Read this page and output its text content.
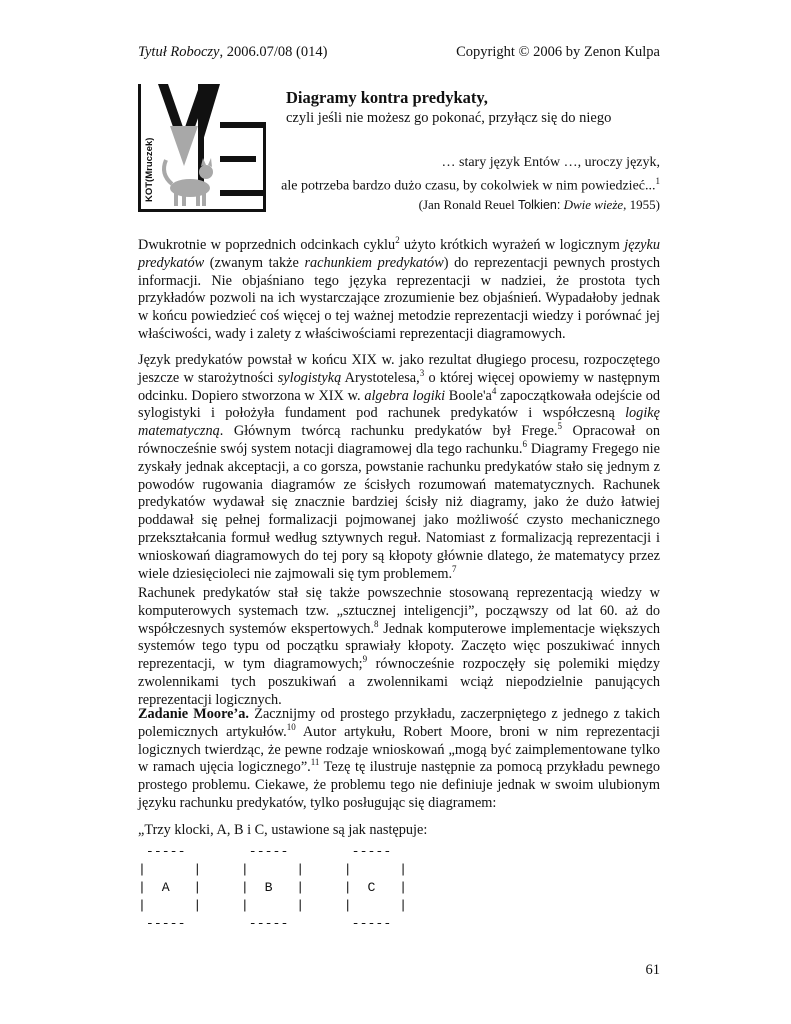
Tytuł Roboczy, 2006.07/08 (014)	Copyright © 2006 by Zenon Kulpa
KOT(Mruczek)

Diagramy kontra predykaty,

czyli jeśli nie możesz go pokonać, przyłącz się do niego

… stary język Entów …, uroczy język,
ale potrzeba bardzo dużo czasu, by cokolwiek w nim powiedzieć...$^1$
(Jan Ronald Reuel Tolkien: Dwie wieże, 1955)

Dwukrotnie w poprzednich odcinkach cyklu$^2$ użyto krótkich wyrażeń w logicznym języku predykatów (zwanym także rachunkiem predykatów) do reprezentacji pewnych prostych informacji. Nie objaśniano tego języka reprezentacji w nadziei, że prostota tych przykładów pozwoli na ich wystarczające zrozumienie bez objaśnień. Wypadałoby jednak w końcu powiedzieć coś więcej o tej ważnej metodzie reprezentacji wiedzy i porównać jej właściwości, wady i zalety z właściwościami reprezentacji diagramowych.

Język predykatów powstał w końcu XIX w. jako rezultat długiego procesu, rozpoczętego jeszcze w starożytności sylogistyką Arystotelesa,$^3$ o której więcej opowiemy w następnym odcinku. Dopiero stworzona w XIX w. algebra logiki $Boole'a^4$ zapoczątkowała odejście od sylogistyki i położyła fundament pod rachunek predykatów i współczesną logikę matematyczną. Głównym twórcą rachunku predykatów był Frege.$^5$ Opracował on równocześnie swój system notacji diagramowej dla tego rachunku.$^6$ Diagramy Fregego nie zyskały jednak akceptacji, a co gorsza, powstanie rachunku predykatów stało się jednym z powodów rugowania diagramów ze ścisłych rozumowań matematycznych. Rachunek predykatów wydawał się znacznie bardziej ścisły niż diagramy, jako że dużo łatwiej poddawał się pełnej formalizacji pojmowanej jako możliwość czysto mechanicznego przekształcania formuł według sztywnych reguł. Natomiast z formalizacją reprezentacji i wnioskowań diagramowych do tej pory są kłopoty głównie dlatego, że matematycy przez wiele dziesięcioleci nie zajmowali się tym problemem.$^7$

Rachunek predykatów stał się także powszechnie stosowaną reprezentacją wiedzy w komputerowych systemach tzw. „sztucznej inteligencji”, począwszy od lat 60. aż do współczesnych systemów ekspertowych.$^8$ Jednak komputerowe implementacje większych systemów tego typu od początku sprawiały kłopoty. Zaczęto więc poszukiwać innych reprezentacji, w tym diagramowych;$^9$ równocześnie rozpoczęły się polemiki między zwolennikami tych poszukiwań a zwolennikami wciąż niepodzielnie panujących reprezentacji logicznych.

Zadanie Moore’a. Zacznijmy od prostego przykładu, zaczerpniętego z jednego z takich polemicznych artykułów.$^{10}$ Autor artykułu, Robert Moore, broni w nim reprezentacji logicznych twierdząc, że pewne rodzaje wnioskowań „mogą być zaimplementowane tylko w ramach ujęcia logicznego”.$^{11}$ Tezę tę ilustruje następnie za pomocą przykładu pewnego prostego problemu. Ciekawe, że problemu tego nie definiuje jednak w swoim ulubionym języku rachunku predykatów, tylko posługując się diagramem:

„Trzy klocki, A, B i C, ustawione są jak następuje:

-----        -----        -----
|      |     |      |     |      |
|  A   |     |  B   |     |  C   |
|      |     |      |     |      |
-----        -----        -----
61
